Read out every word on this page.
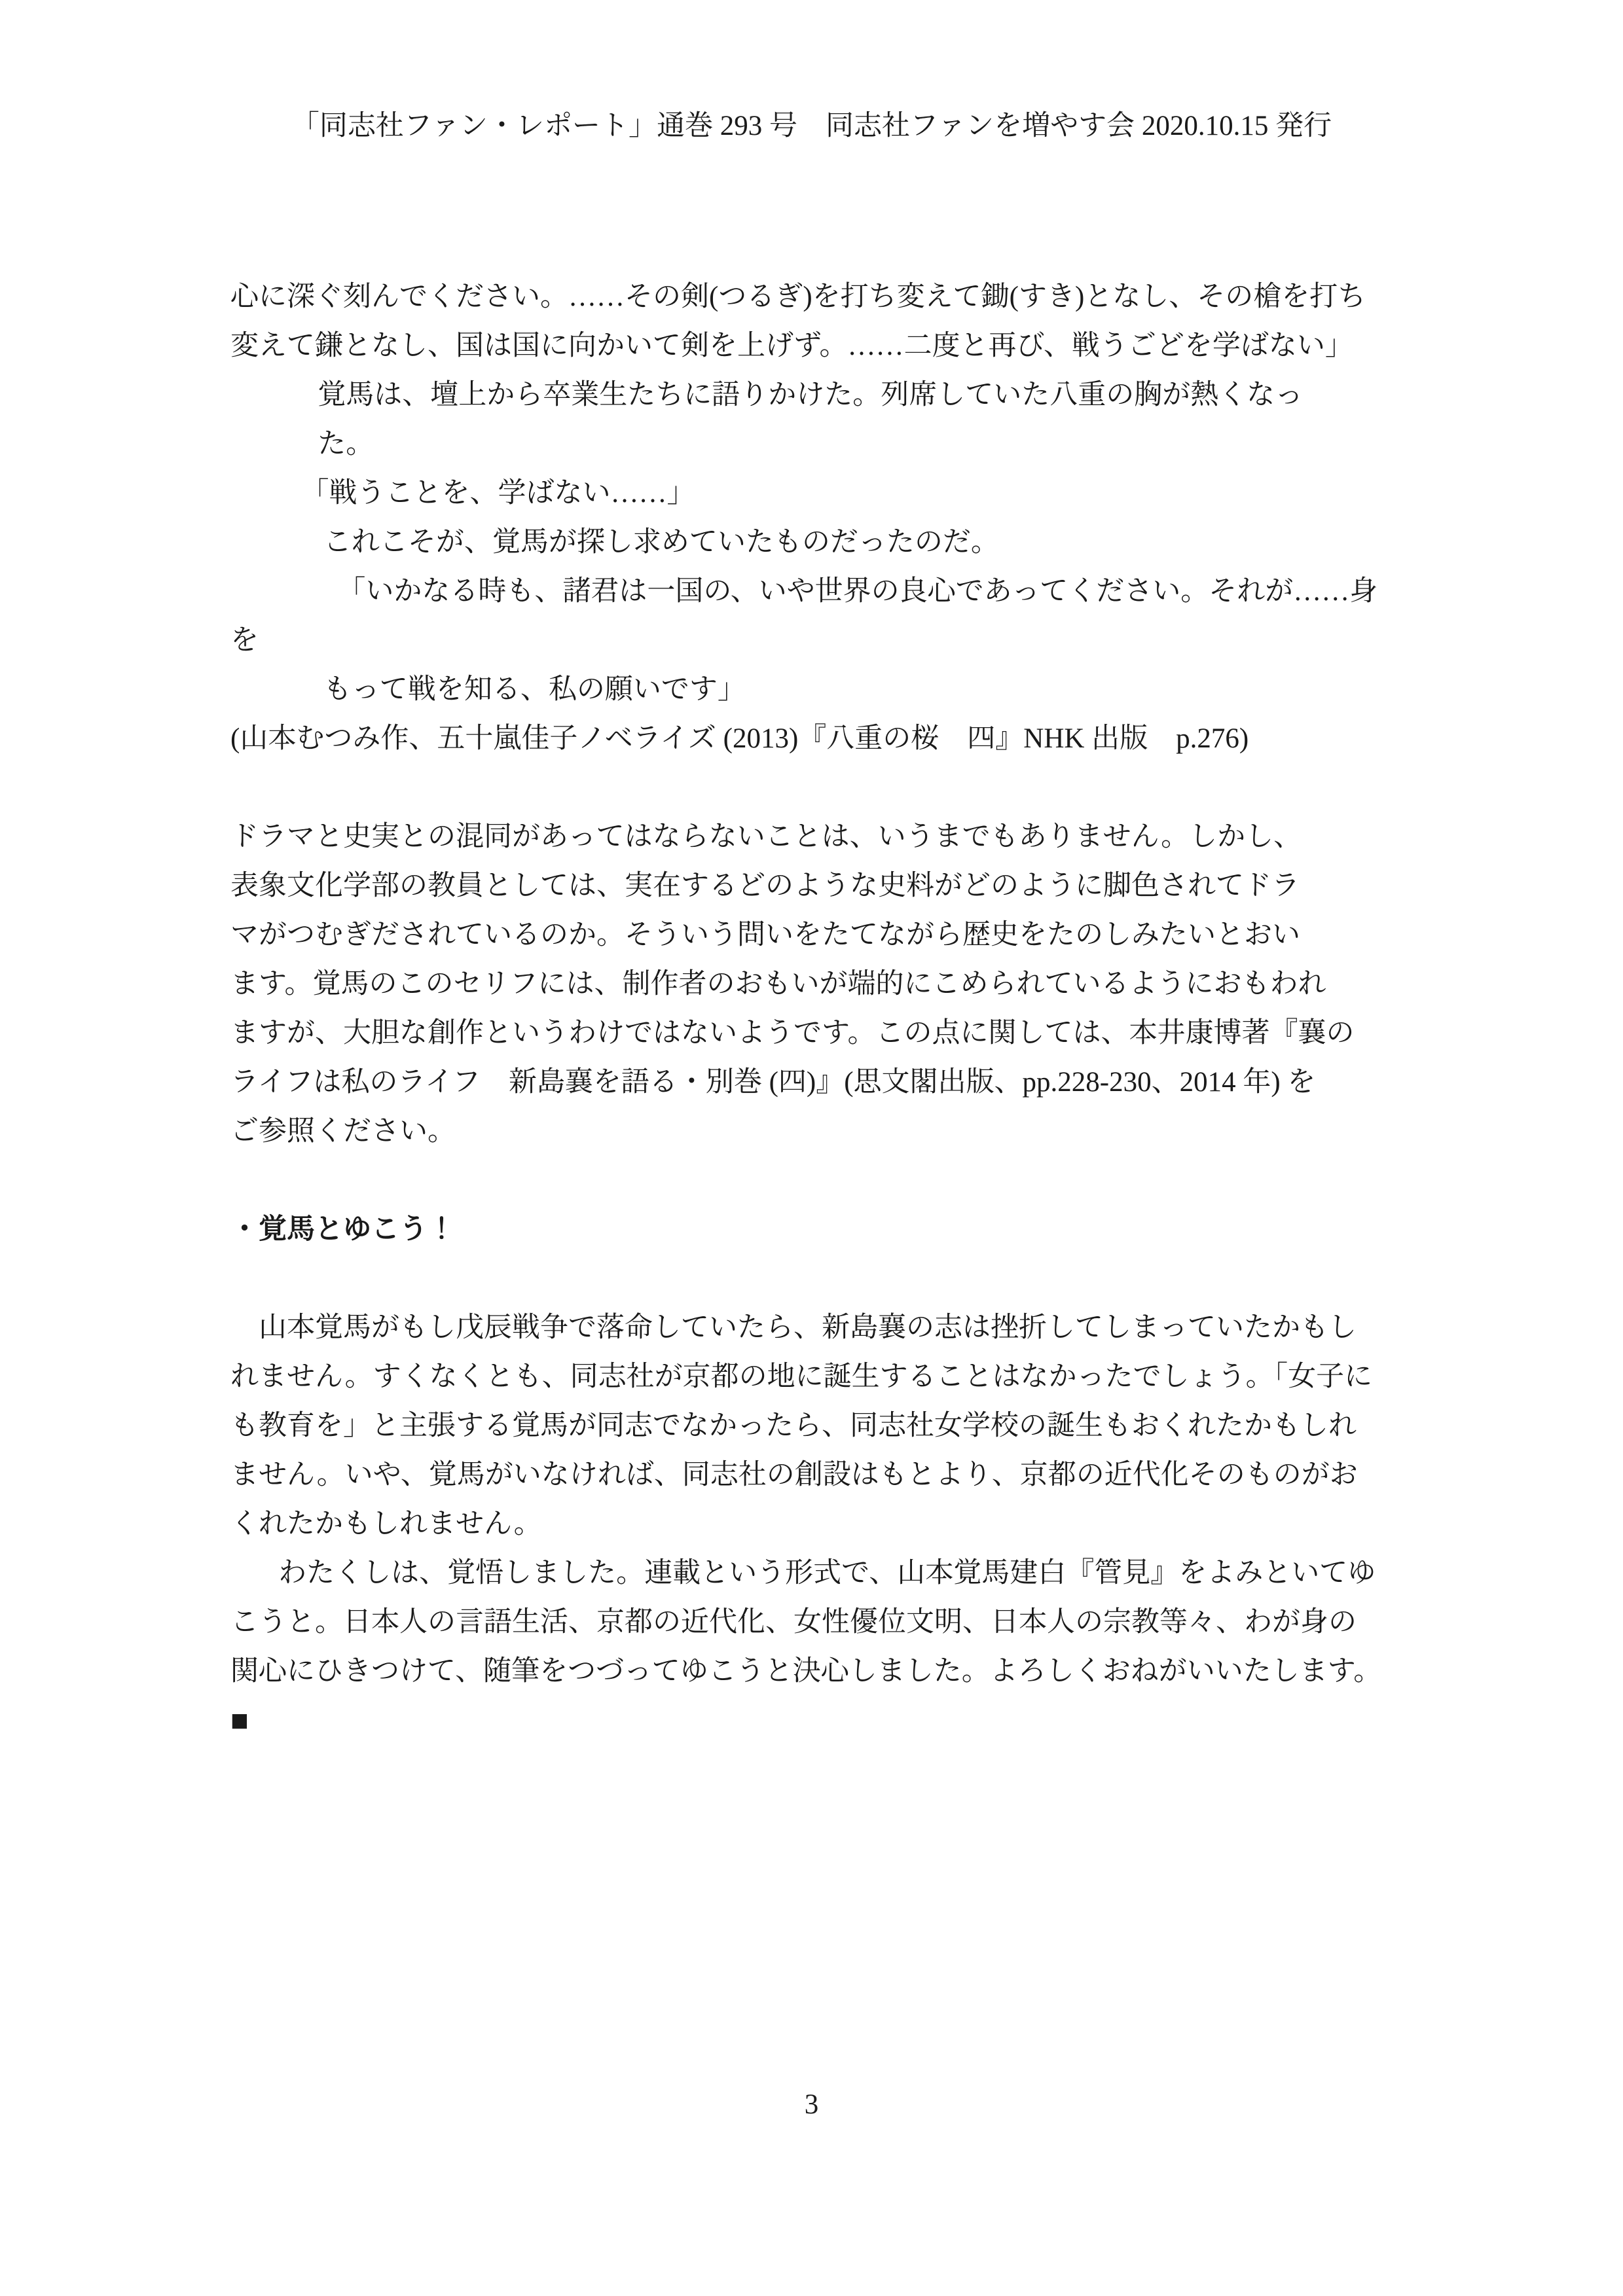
「同志社ファン・レポート」通巻 293 号　同志社ファンを増やす会 2020.10.15 発行
心に深ぐ刻んでください。……その剣(つるぎ)を打ち変えて鋤(すき)となし、その槍を打ち
変えて鎌となし、国は国に向かいて剣を上げず。……二度と再び、戦うごどを学ばない」
覚馬は、壇上から卒業生たちに語りかけた。列席していた八重の胸が熱くなっ
た。
「戦うことを、学ばない……」
これこそが、覚馬が探し求めていたものだったのだ。
「いかなる時も、諸君は一国の、いや世界の良心であってください。それが……身
を
もって戦を知る、私の願いです」
(山本むつみ作、五十嵐佳子ノベライズ (2013)『八重の桜　四』NHK 出版　p.276)
ドラマと史実との混同があってはならないことは、いうまでもありません。しかし、
表象文化学部の教員としては、実在するどのような史料がどのように脚色されてドラ
マがつむぎだされているのか。そういう問いをたてながら歴史をたのしみたいとおい
ます。覚馬のこのセリフには、制作者のおもいが端的にこめられているようにおもわれ
ますが、大胆な創作というわけではないようです。この点に関しては、本井康博著『襄の
ライフは私のライフ　新島襄を語る・別巻 (四)』(思文閣出版、pp.228-230、2014 年) を
ご参照ください。
・覚馬とゆこう！
山本覚馬がもし戊辰戦争で落命していたら、新島襄の志は挫折してしまっていたかもし
れません。すくなくとも、同志社が京都の地に誕生することはなかったでしょう。「女子に
も教育を」と主張する覚馬が同志でなかったら、同志社女学校の誕生もおくれたかもしれ
ません。いや、覚馬がいなければ、同志社の創設はもとより、京都の近代化そのものがお
くれたかもしれません。
わたくしは、覚悟しました。連載という形式で、山本覚馬建白『管見』をよみといてゆ
こうと。日本人の言語生活、京都の近代化、女性優位文明、日本人の宗教等々、わが身の
関心にひきつけて、随筆をつづってゆこうと決心しました。よろしくおねがいいたします。
■
3
